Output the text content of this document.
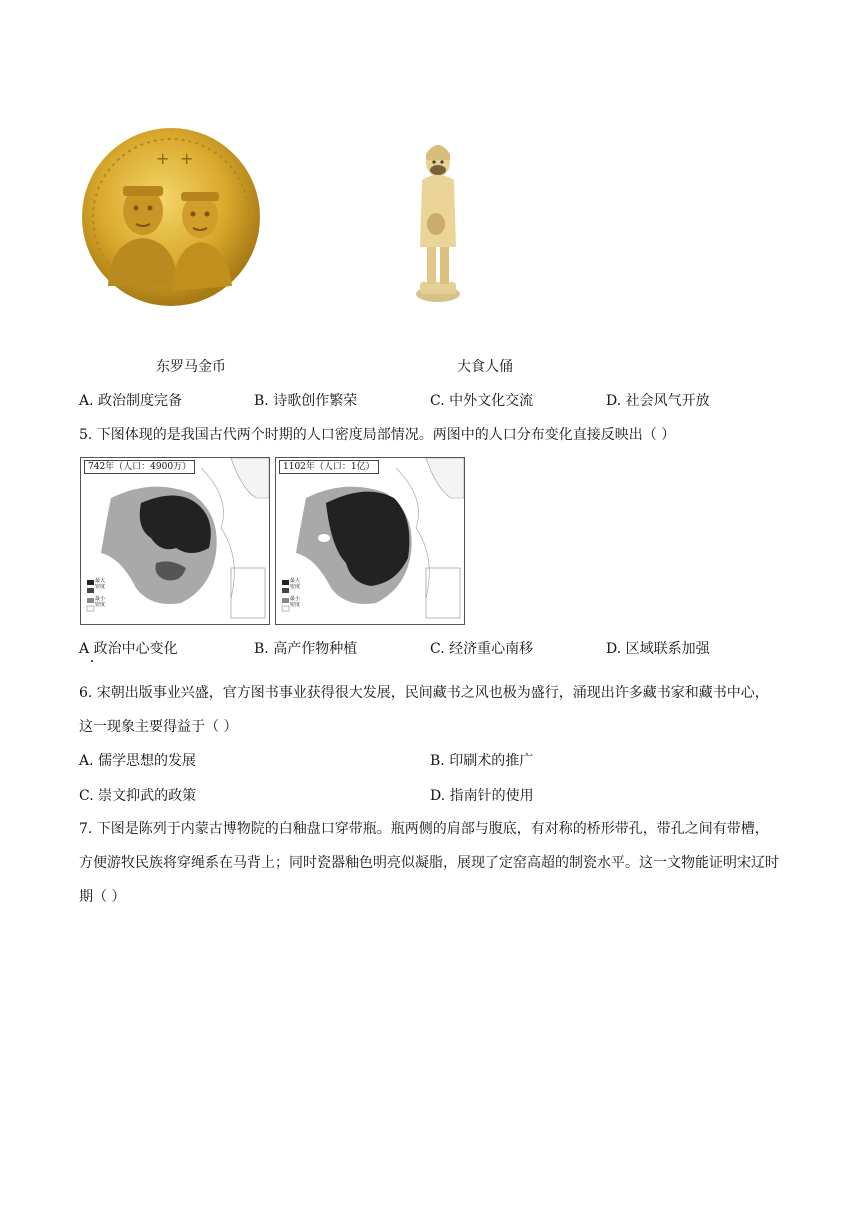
+ +
东罗马金币	大食人俑
A. 政治制度完备	B. 诗歌创作繁荣	C. 中外文化交流	D. 社会风气开放
5. 下图体现的是我国古代两个时期的人口密度局部情况。两图中的人口分布变化直接反映出（ ）
742年（人口：4900万）
最大密度
最小密度
1102年（人口：1亿）
最大密度
最小密度
A 政治中心变化	B. 高产作物种植	C. 经济重心南移	D. 区域联系加强
6. 宋朝出版事业兴盛，官方图书事业获得很大发展，民间藏书之风也极为盛行，涌现出许多藏书家和藏书中心，这一现象主要得益于（ ）
A. 儒学思想的发展	B. 印刷术的推广
C. 崇文抑武的政策	D. 指南针的使用
7. 下图是陈列于内蒙古博物院的白釉盘口穿带瓶。瓶两侧的肩部与腹底，有对称的桥形带孔，带孔之间有带槽，方便游牧民族将穿绳系在马背上；同时瓷器釉色明亮似凝脂，展现了定窑高超的制瓷水平。这一文物能证明宋辽时期（ ）
